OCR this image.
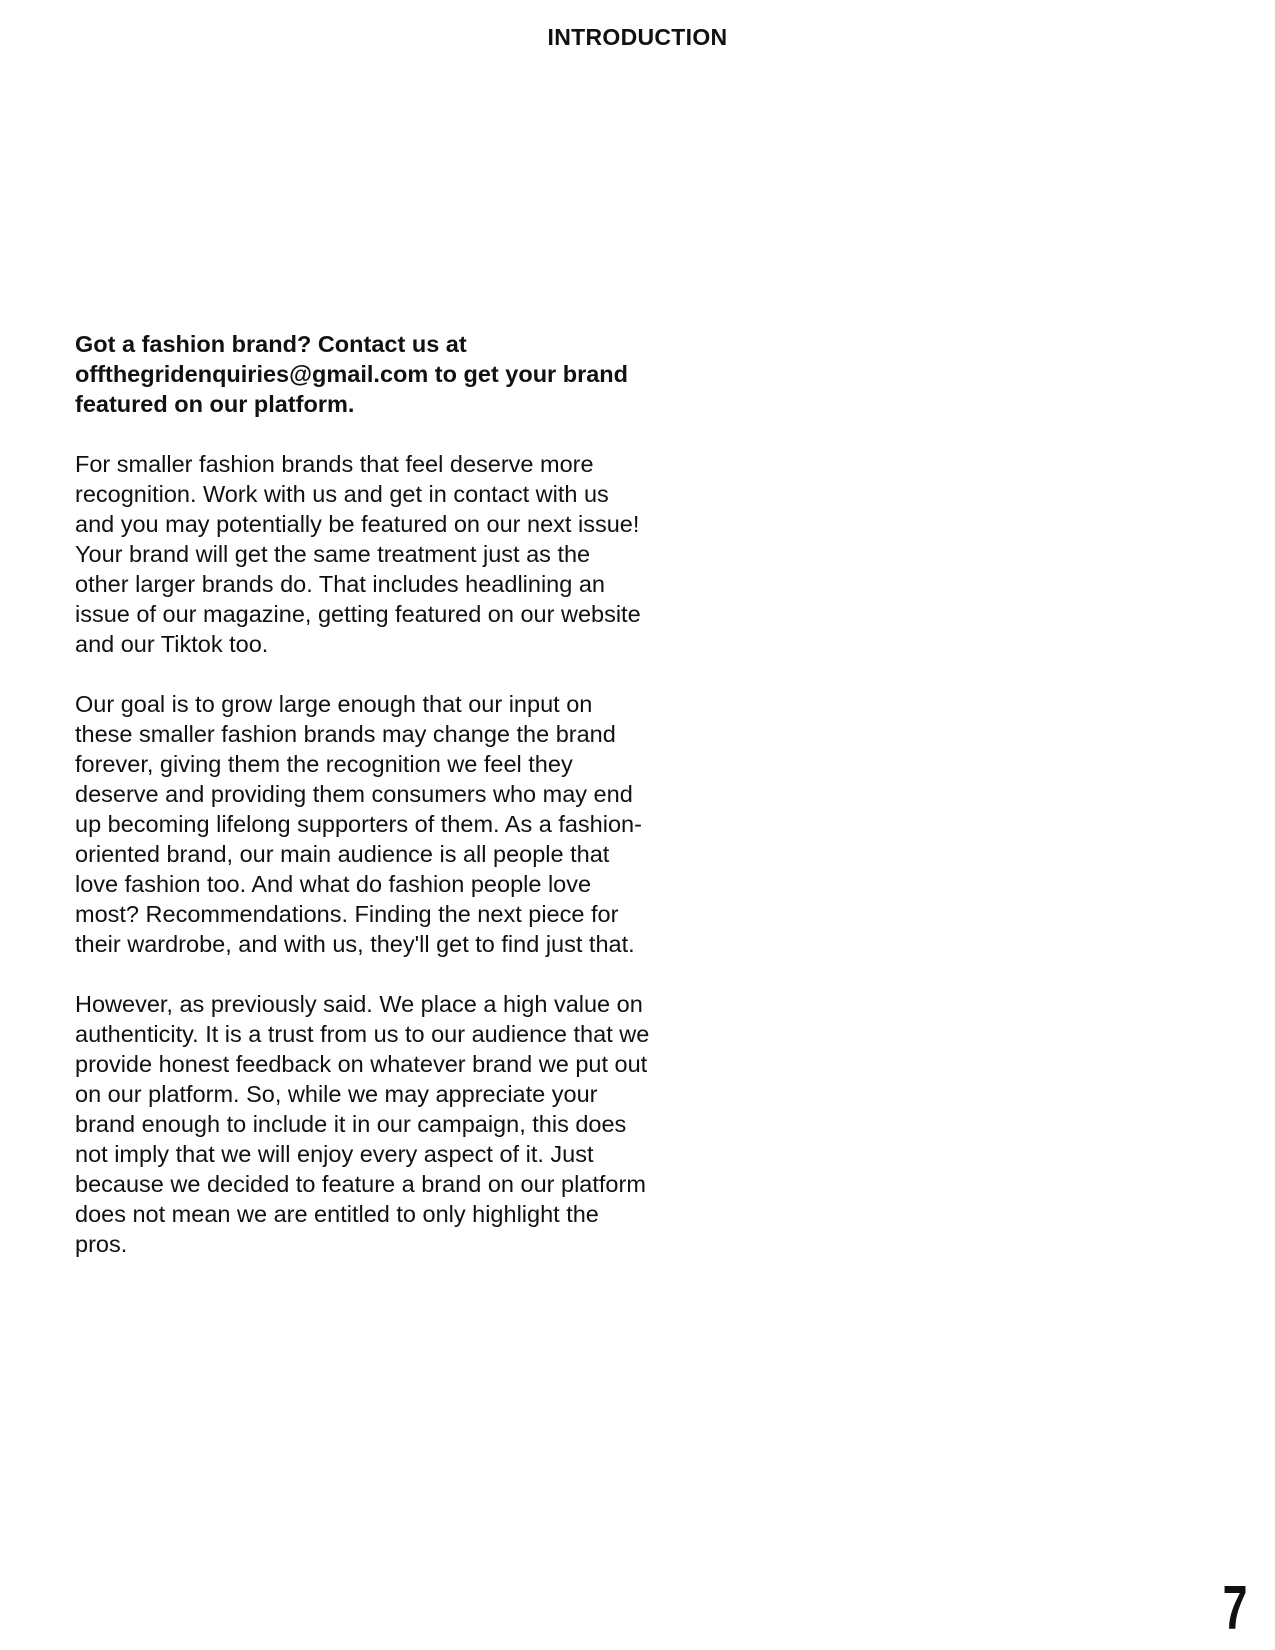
INTRODUCTION

Got a fashion brand? Contact us at offthegridenquiries@gmail.com to get your brand featured on our platform.

For smaller fashion brands that feel deserve more recognition. Work with us and get in contact with us and you may potentially be featured on our next issue! Your brand will get the same treatment just as the other larger brands do. That includes headlining an issue of our magazine, getting featured on our website and our Tiktok too.

Our goal is to grow large enough that our input on these smaller fashion brands may change the brand forever, giving them the recognition we feel they deserve and providing them consumers who may end up becoming lifelong supporters of them. As a fashion-oriented brand, our main audience is all people that love fashion too. And what do fashion people love most? Recommendations. Finding the next piece for their wardrobe, and with us, they'll get to find just that.

However, as previously said. We place a high value on authenticity. It is a trust from us to our audience that we provide honest feedback on whatever brand we put out on our platform. So, while we may appreciate your brand enough to include it in our campaign, this does not imply that we will enjoy every aspect of it. Just because we decided to feature a brand on our platform does not mean we are entitled to only highlight the pros.

7
